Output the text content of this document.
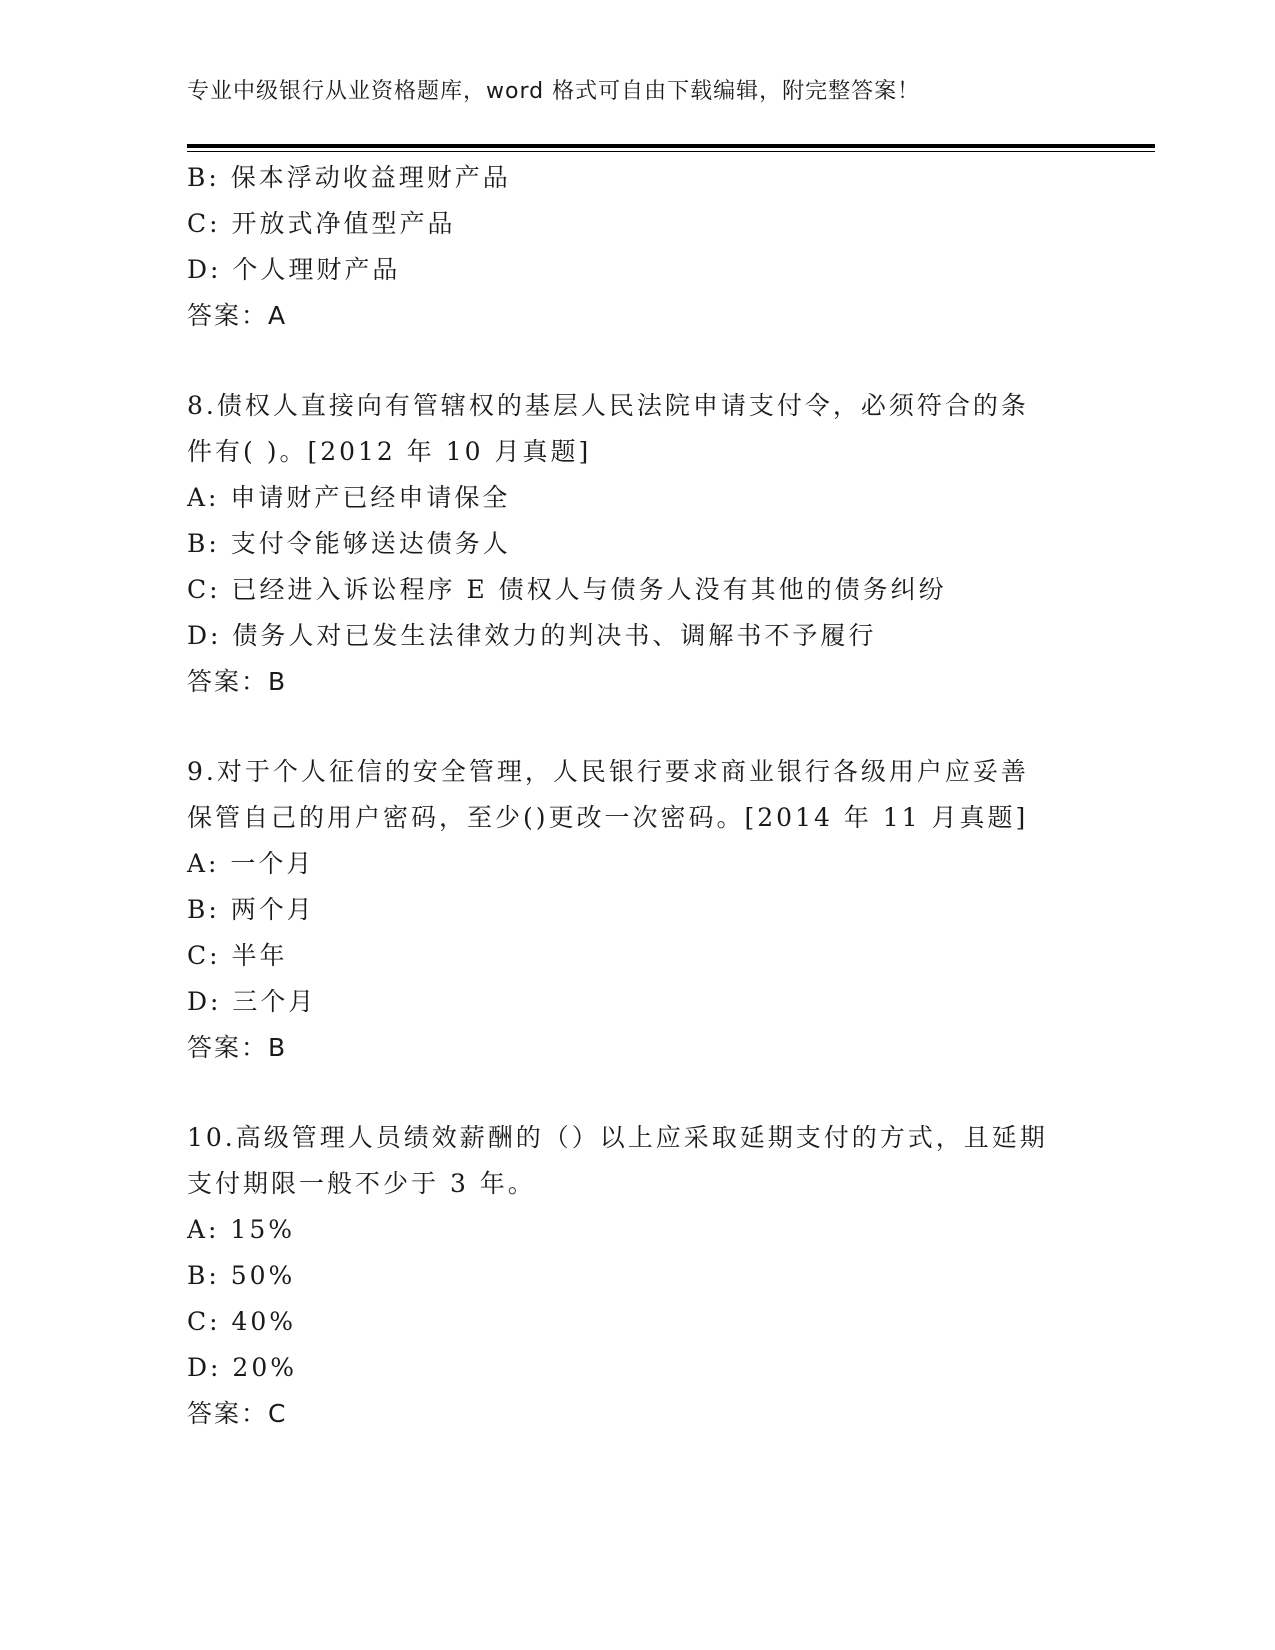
专业中级银行从业资格题库，word 格式可自由下载编辑，附完整答案！
B: 保本浮动收益理财产品
C: 开放式净值型产品
D: 个人理财产品
答案：A
8.债权人直接向有管辖权的基层人民法院申请支付令，必须符合的条
件有( )。[2012 年 10 月真题]
A: 申请财产已经申请保全
B: 支付令能够送达债务人
C: 已经进入诉讼程序 E 债权人与债务人没有其他的债务纠纷
D: 债务人对已发生法律效力的判决书、调解书不予履行
答案：B
9.对于个人征信的安全管理，人民银行要求商业银行各级用户应妥善
保管自己的用户密码，至少()更改一次密码。[2014 年 11 月真题]
A: 一个月
B: 两个月
C: 半年
D: 三个月
答案：B
10.高级管理人员绩效薪酬的（）以上应采取延期支付的方式，且延期
支付期限一般不少于 3 年。
A: 15%
B: 50%
C: 40%
D: 20%
答案：C
